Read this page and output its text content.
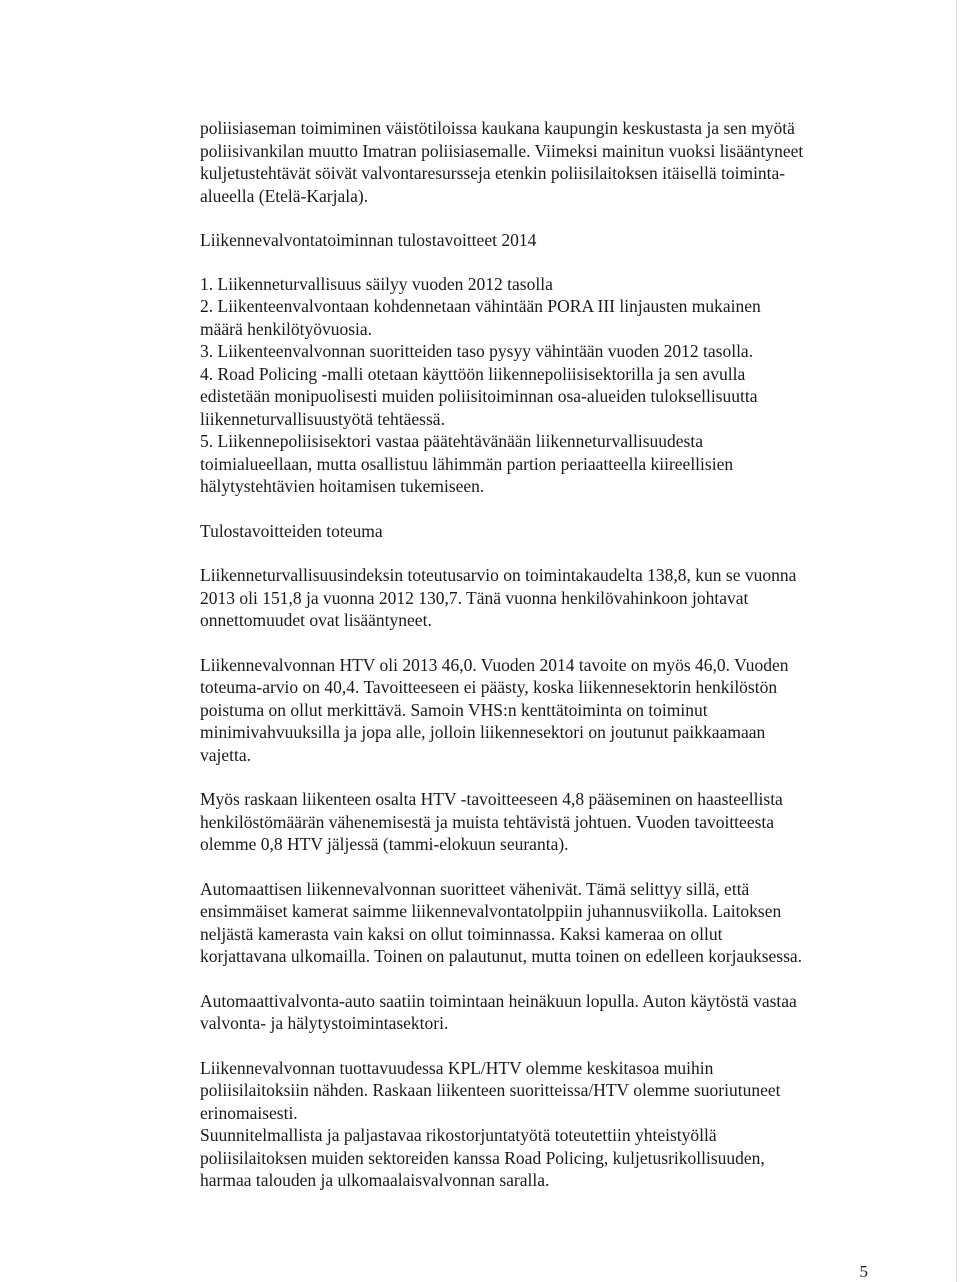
poliisiaseman toimiminen väistötiloissa kaukana kaupungin keskustasta ja sen myötä
poliisivankilan muutto Imatran poliisiasemalle. Viimeksi mainitun vuoksi lisääntyneet
kuljetustehtävät söivät valvontaresursseja etenkin poliisilaitoksen itäisellä toiminta-
alueella (Etelä-Karjala).

Liikennevalvontatoiminnan tulostavoitteet 2014

1. Liikenneturvallisuus säilyy vuoden 2012 tasolla

2. Liikenteenvalvontaan kohdennetaan vähintään PORA III linjausten mukainen
määrä henkilötyövuosia.

3. Liikenteenvalvonnan suoritteiden taso pysyy vähintään vuoden 2012 tasolla.

4. Road Policing -malli otetaan käyttöön liikennepoliisisektorilla ja sen avulla
edistetään monipuolisesti muiden poliisitoiminnan osa-alueiden tuloksellisuutta
liikenneturvallisuustyötä tehtäessä.

5. Liikennepoliisisektori vastaa päätehtävänään liikenneturvallisuudesta
toimialueellaan, mutta osallistuu lähimmän partion periaatteella kiireellisien
hälytystehtävien hoitamisen tukemiseen.

Tulostavoitteiden toteuma

Liikenneturvallisuusindeksin toteutusarvio on toimintakaudelta 138,8, kun se vuonna
2013 oli 151,8 ja vuonna 2012 130,7. Tänä vuonna henkilövahinkoon johtavat
onnettomuudet ovat lisääntyneet.

Liikennevalvonnan HTV oli 2013 46,0. Vuoden 2014 tavoite on myös 46,0. Vuoden
toteuma-arvio on 40,4. Tavoitteeseen ei päästy, koska liikennesektorin henkilöstön
poistuma on ollut merkittävä. Samoin VHS:n kenttätoiminta on toiminut
minimivahvuuksilla ja jopa alle, jolloin liikennesektori on joutunut paikkaamaan
vajetta.

Myös raskaan liikenteen osalta HTV -tavoitteeseen 4,8 pääseminen on haasteellista
henkilöstömäärän vähenemisestä ja muista tehtävistä johtuen. Vuoden tavoitteesta
olemme 0,8 HTV jäljessä (tammi-elokuun seuranta).

Automaattisen liikennevalvonnan suoritteet vähenivät. Tämä selittyy sillä, että
ensimmäiset kamerat saimme liikennevalvontatolppiin juhannusviikolla. Laitoksen
neljästä kamerasta vain kaksi on ollut toiminnassa. Kaksi kameraa on ollut
korjattavana ulkomailla. Toinen on palautunut, mutta toinen on edelleen korjauksessa.

Automaattivalvonta-auto saatiin toimintaan heinäkuun lopulla. Auton käytöstä vastaa
valvonta- ja hälytystoimintasektori.

Liikennevalvonnan tuottavuudessa KPL/HTV olemme keskitasoa muihin
poliisilaitoksiin nähden. Raskaan liikenteen suoritteissa/HTV olemme suoriutuneet
erinomaisesti.

Suunnitelmallista ja paljastavaa rikostorjuntatyötä toteutettiin yhteistyöllä
poliisilaitoksen muiden sektoreiden kanssa Road Policing, kuljetusrikollisuuden,
harmaa talouden ja ulkomaalaisvalvonnan saralla.

5
